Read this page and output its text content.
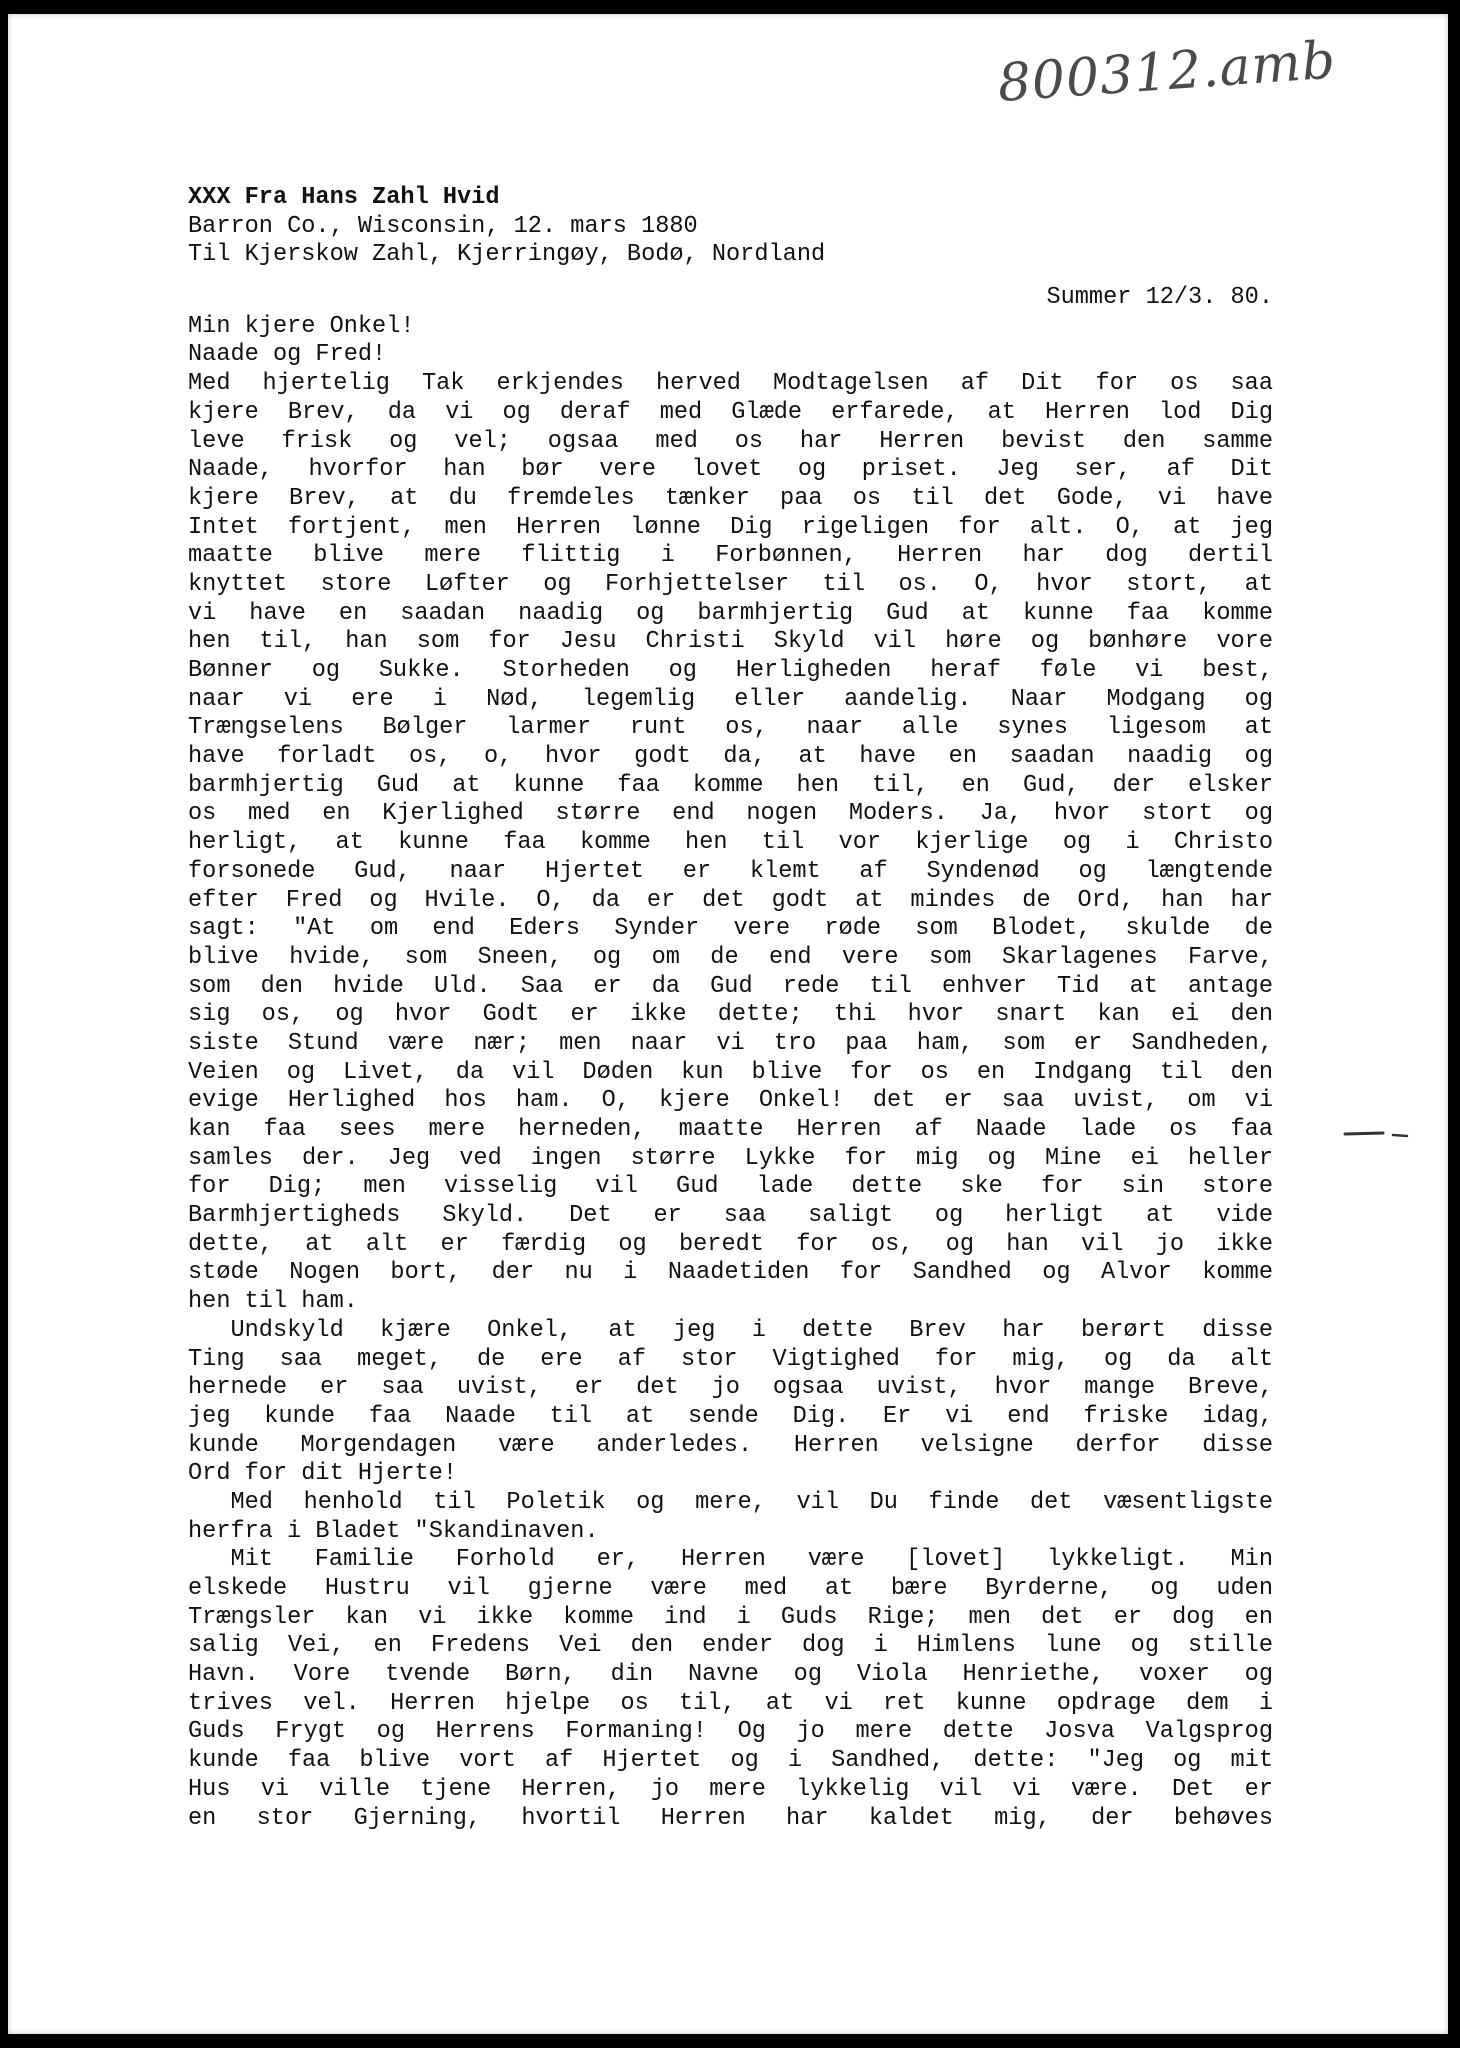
800312.amb
XXX Fra Hans Zahl Hvid
Barron Co., Wisconsin, 12. mars 1880
Til Kjerskow Zahl, Kjerringøy, Bodø, Nordland
Summer 12/3. 80.
Min kjere Onkel!
Naade og Fred!
Med hjertelig Tak erkjendes herved Modtagelsen af Dit for os saa
kjere Brev, da vi og deraf med Glæde erfarede, at Herren lod Dig
leve frisk og vel; ogsaa med os har Herren bevist den samme
Naade, hvorfor han bør vere lovet og priset. Jeg ser, af Dit
kjere Brev, at du fremdeles tænker paa os til det Gode, vi have
Intet fortjent, men Herren lønne Dig rigeligen for alt. O, at jeg
maatte blive mere flittig i Forbønnen, Herren har dog dertil
knyttet store Løfter og Forhjettelser til os. O, hvor stort, at
vi have en saadan naadig og barmhjertig Gud at kunne faa komme
hen til, han som for Jesu Christi Skyld vil høre og bønhøre vore
Bønner og Sukke. Storheden og Herligheden heraf føle vi best,
naar vi ere i Nød, legemlig eller aandelig. Naar Modgang og
Trængselens Bølger larmer runt os, naar alle synes ligesom at
have forladt os, o, hvor godt da, at have en saadan naadig og
barmhjertig Gud at kunne faa komme hen til, en Gud, der elsker
os med en Kjerlighed større end nogen Moders. Ja, hvor stort og
herligt, at kunne faa komme hen til vor kjerlige og i Christo
forsonede Gud, naar Hjertet er klemt af Syndenød og længtende
efter Fred og Hvile. O, da er det godt at mindes de Ord, han har
sagt: "At om end Eders Synder vere røde som Blodet, skulde de
blive hvide, som Sneen, og om de end vere som Skarlagenes Farve,
som den hvide Uld. Saa er da Gud rede til enhver Tid at antage
sig os, og hvor Godt er ikke dette; thi hvor snart kan ei den
siste Stund være nær; men naar vi tro paa ham, som er Sandheden,
Veien og Livet, da vil Døden kun blive for os en Indgang til den
evige Herlighed hos ham. O, kjere Onkel! det er saa uvist, om vi
kan faa sees mere herneden, maatte Herren af Naade lade os faa
samles der. Jeg ved ingen større Lykke for mig og Mine ei heller
for Dig; men visselig vil Gud lade dette ske for sin store
Barmhjertigheds Skyld. Det er saa saligt og herligt at vide
dette, at alt er færdig og beredt for os, og han vil jo ikke
støde Nogen bort, der nu i Naadetiden for Sandhed og Alvor komme
hen til ham.
Undskyld kjære Onkel, at jeg i dette Brev har berørt disse
Ting saa meget, de ere af stor Vigtighed for mig, og da alt
hernede er saa uvist, er det jo ogsaa uvist, hvor mange Breve,
jeg kunde faa Naade til at sende Dig. Er vi end friske idag,
kunde Morgendagen være anderledes. Herren velsigne derfor disse
Ord for dit Hjerte!
Med henhold til Poletik og mere, vil Du finde det væsentligste
herfra i Bladet "Skandinaven.
Mit Familie Forhold er, Herren være [lovet] lykkeligt. Min
elskede Hustru vil gjerne være med at bære Byrderne, og uden
Trængsler kan vi ikke komme ind i Guds Rige; men det er dog en
salig Vei, en Fredens Vei den ender dog i Himlens lune og stille
Havn. Vore tvende Børn, din Navne og Viola Henriethe, voxer og
trives vel. Herren hjelpe os til, at vi ret kunne opdrage dem i
Guds Frygt og Herrens Formaning! Og jo mere dette Josva Valgsprog
kunde faa blive vort af Hjertet og i Sandhed, dette: "Jeg og mit
Hus vi ville tjene Herren, jo mere lykkelig vil vi være. Det er
en stor Gjerning, hvortil Herren har kaldet mig, der behøves
